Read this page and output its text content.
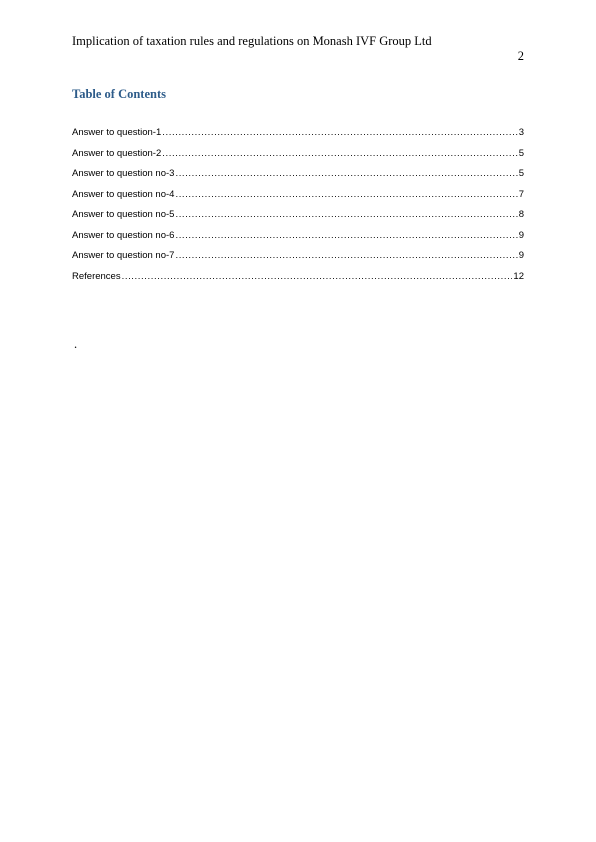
Implication of taxation rules and regulations on Monash IVF Group Ltd
2
Table of Contents
Answer to question-1 .....	3
Answer to question-2 .....	5
Answer to question no-3 .....	5
Answer to question no-4 .....	7
Answer to question no-5 .....	8
Answer to question no-6 .....	9
Answer to question no-7 .....	9
References .....	12
.
